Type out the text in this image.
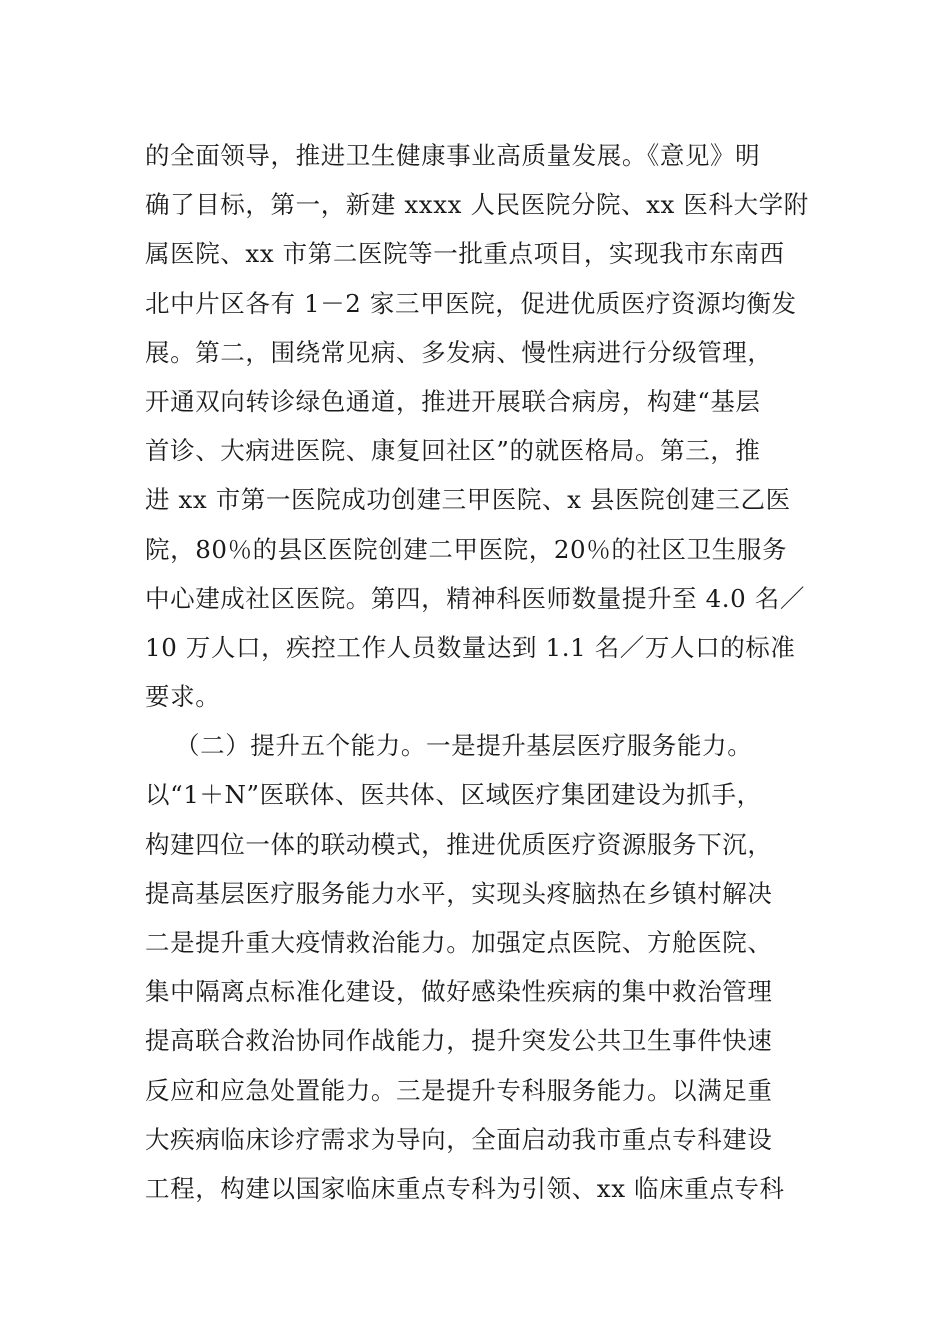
的全面领导，推进卫生健康事业高质量发展。《意见》明
确了目标，第一，新建 xxxx 人民医院分院、xx 医科大学附
属医院、xx 市第二医院等一批重点项目，实现我市东南西
北中片区各有 1－2 家三甲医院，促进优质医疗资源均衡发
展。第二，围绕常见病、多发病、慢性病进行分级管理，
开通双向转诊绿色通道，推进开展联合病房，构建“基层
首诊、大病进医院、康复回社区”的就医格局。第三，推
进 xx 市第一医院成功创建三甲医院、x 县医院创建三乙医
院，80％的县区医院创建二甲医院，20％的社区卫生服务
中心建成社区医院。第四，精神科医师数量提升至 4.0 名／
10 万人口，疾控工作人员数量达到 1.1 名／万人口的标准
要求。
（二）提升五个能力。一是提升基层医疗服务能力。
以“1＋N”医联体、医共体、区域医疗集团建设为抓手，
构建四位一体的联动模式，推进优质医疗资源服务下沉，
提高基层医疗服务能力水平，实现头疼脑热在乡镇村解决
二是提升重大疫情救治能力。加强定点医院、方舱医院、
集中隔离点标准化建设，做好感染性疾病的集中救治管理
提高联合救治协同作战能力，提升突发公共卫生事件快速
反应和应急处置能力。三是提升专科服务能力。以满足重
大疾病临床诊疗需求为导向，全面启动我市重点专科建设
工程，构建以国家临床重点专科为引领、xx 临床重点专科
